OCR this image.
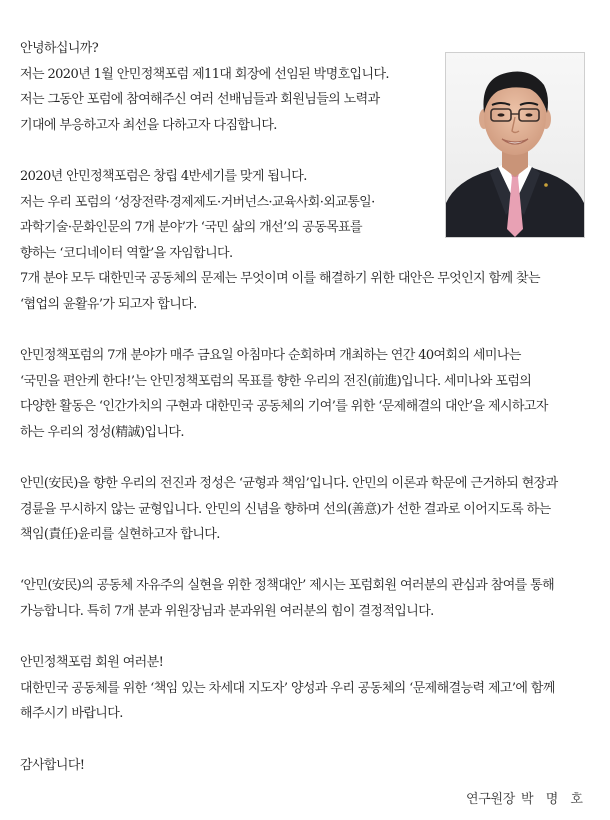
안녕하십니까?
저는 2020년 1월 안민정책포럼 제11대 회장에 선임된 박명호입니다.
저는 그동안 포럼에 참여해주신 여러 선배님들과 회원님들의 노력과
기대에 부응하고자 최선을 다하고자 다짐합니다.
2020년 안민정책포럼은 창립 4반세기를 맞게 됩니다.
저는 우리 포럼의 ‘성장전략·경제제도·거버넌스·교육사회·외교통일·
과학기술·문화인문의 7개 분야’가 ‘국민 삶의 개선’의 공동목표를
향하는 ‘코디네이터 역할’을 자임합니다.
7개 분야 모두 대한민국 공동체의 문제는 무엇이며 이를 해결하기 위한 대안은 무엇인지 함께 찾는
‘협업의 윤활유’가 되고자 합니다.
안민정책포럼의 7개 분야가 매주 금요일 아침마다 순회하며 개최하는 연간 40여회의 세미나는
‘국민을 편안케 한다!’는 안민정책포럼의 목표를 향한 우리의 전진(前進)입니다. 세미나와 포럼의
다양한 활동은 ‘인간가치의 구현과 대한민국 공동체의 기여’를 위한 ‘문제해결의 대안’을 제시하고자
하는 우리의 정성(精誠)입니다.
안민(安民)을 향한 우리의 전진과 정성은 ‘균형과 책임’입니다. 안민의 이론과 학문에 근거하되 현장과
경륜을 무시하지 않는 균형입니다. 안민의 신념을 향하며 선의(善意)가 선한 결과로 이어지도록 하는
책임(責任)윤리를 실현하고자 합니다.
‘안민(安民)의 공동체 자유주의 실현을 위한 정책대안’ 제시는 포럼회원 여러분의 관심과 참여를 통해
가능합니다. 특히 7개 분과 위원장님과 분과위원 여러분의 힘이 결정적입니다.
안민정책포럼 회원 여러분!
대한민국 공동체를 위한 ‘책임 있는 차세대 지도자’ 양성과 우리 공동체의 ‘문제해결능력 제고’에 함께
해주시기 바랍니다.
감사합니다!
연구원장 박 명 호
